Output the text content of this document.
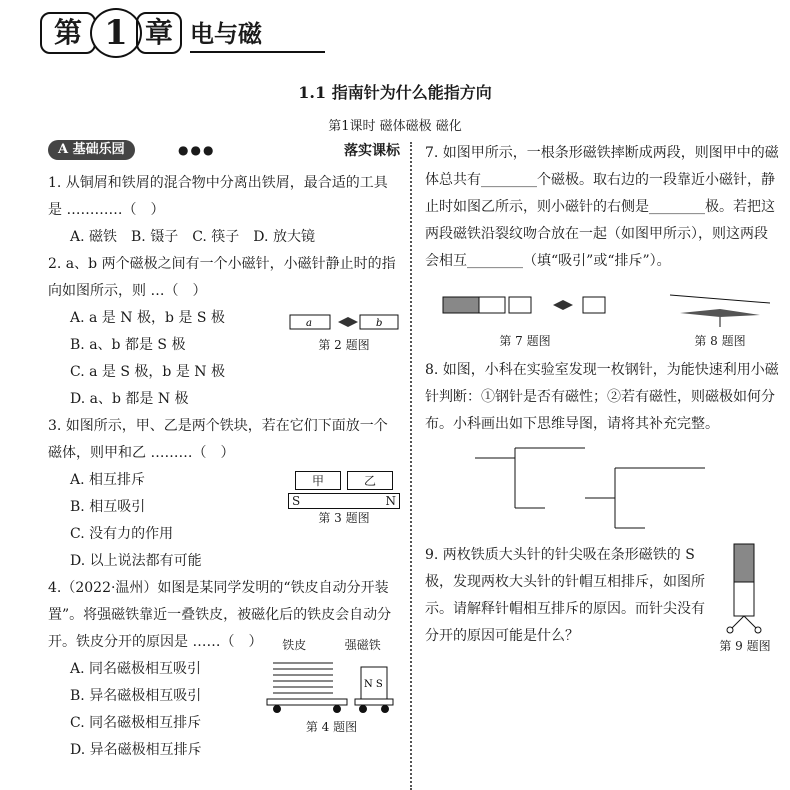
第 1 章 电与磁
1.1 指南针为什么能指方向
第1课时 磁体磁极 磁化
A 基础乐园	●●●	落实课标
1. 从铜屑和铁屑的混合物中分离出铁屑，最合适的工具是 …………（　）
A. 磁铁　B. 镊子　C. 筷子　D. 放大镜
2. a、b 两个磁极之间有一个小磁针，小磁针静止时的指向如图所示，则 …（　）
A. a 是 N 极，b 是 S 极
B. a、b 都是 S 极
C. a 是 S 极，b 是 N 极
D. a、b 都是 N 极
a	b
第 2 题图
3. 如图所示，甲、乙是两个铁块，若在它们下面放一个磁体，则甲和乙 ………（　）
A. 相互排斥
B. 相互吸引
C. 没有力的作用
D. 以上说法都有可能
甲	乙
S	N
第 3 题图
4.（2022·温州）如图是某同学发明的“铁皮自动分开装置”。将强磁铁靠近一叠铁皮，被磁化后的铁皮会自动分开。铁皮分开的原因是 ……（　）
A. 同名磁极相互吸引
B. 异名磁极相互吸引
C. 同名磁极相互排斥
D. 异名磁极相互排斥
铁皮	强磁铁
N S
第 4 题图
7. 如图甲所示，一根条形磁铁摔断成两段，则图甲中的磁体总共有________个磁极。取右边的一段靠近小磁针，静止时如图乙所示，则小磁针的右侧是________极。若把这两段磁铁沿裂纹吻合放在一起（如图甲所示），则这两段会相互________（填“吸引”或“排斥”）。
第 7 题图	第 8 题图
8. 如图，小科在实验室发现一枚钢针，为能快速利用小磁针判断：①钢针是否有磁性；②若有磁性，则磁极如何分布。小科画出如下思维导图，请将其补充完整。
9. 两枚铁质大头针的针尖吸在条形磁铁的 S 极，发现两枚大头针的针帽互相排斥，如图所示。请解释针帽相互排斥的原因。而针尖没有分开的原因可能是什么？
第 9 题图
